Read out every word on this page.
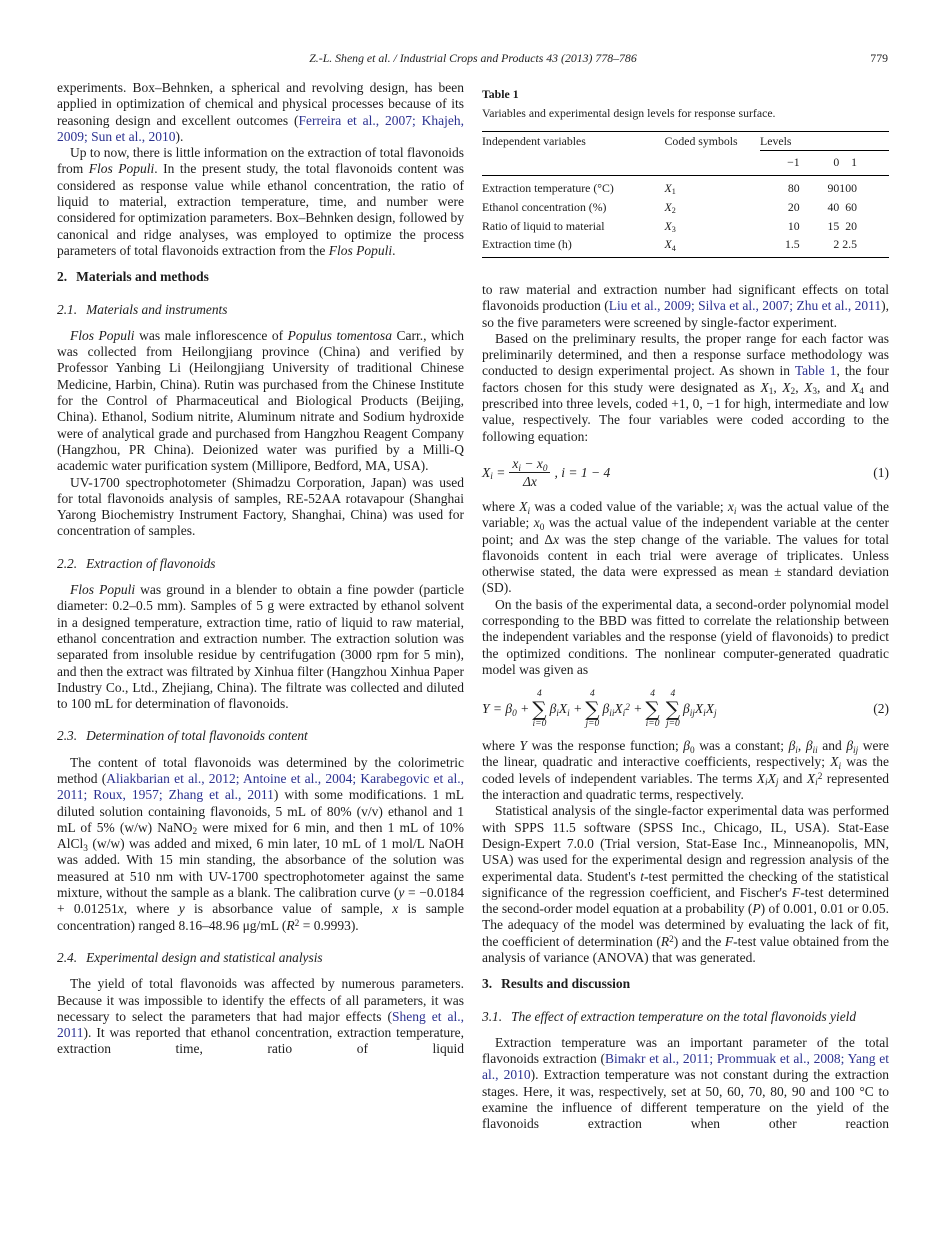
Z.-L. Sheng et al. / Industrial Crops and Products 43 (2013) 778–786	779

experiments. Box–Behnken, a spherical and revolving design, has been applied in optimization of chemical and physical processes because of its reasoning design and excellent outcomes (Ferreira et al., 2007; Khajeh, 2009; Sun et al., 2010).

Up to now, there is little information on the extraction of total flavonoids from Flos Populi. In the present study, the total flavonoids content was considered as response value while ethanol concentration, the ratio of liquid to material, extraction temperature, time, and number were considered for optimization parameters. Box–Behnken design, followed by canonical and ridge analyses, was employed to optimize the process parameters of total flavonoids extraction from the Flos Populi.

2. Materials and methods
2.1. Materials and instruments

Flos Populi was male inflorescence of Populus tomentosa Carr., which was collected from Heilongjiang province (China) and verified by Professor Yanbing Li (Heilongjiang University of traditional Chinese Medicine, Harbin, China). Rutin was purchased from the Chinese Institute for the Control of Pharmaceutical and Biological Products (Beijing, China). Ethanol, Sodium nitrite, Aluminum nitrate and Sodium hydroxide were of analytical grade and purchased from Hangzhou Reagent Company (Hangzhou, PR China). Deionized water was purified by a Milli-Q academic water purification system (Millipore, Bedford, MA, USA).

UV-1700 spectrophotometer (Shimadzu Corporation, Japan) was used for total flavonoids analysis of samples, RE-52AA rotavapour (Shanghai Yarong Biochemistry Instrument Factory, Shanghai, China) was used for concentration of samples.

2.2. Extraction of flavonoids

Flos Populi was ground in a blender to obtain a fine powder (particle diameter: 0.2–0.5 mm). Samples of 5 g were extracted by ethanol solvent in a designed temperature, extraction time, ratio of liquid to raw material, ethanol concentration and extraction number. The extraction solution was separated from insoluble residue by centrifugation (3000 rpm for 5 min), and then the extract was filtrated by Xinhua filter (Hangzhou Xinhua Paper Industry Co., Ltd., Zhejiang, China). The filtrate was collected and diluted to 100 mL for determination of flavonoids.

2.3. Determination of total flavonoids content

The content of total flavonoids was determined by the colorimetric method (Aliakbarian et al., 2012; Antoine et al., 2004; Karabegovic et al., 2011; Roux, 1957; Zhang et al., 2011) with some modifications. 1 mL diluted solution containing flavonoids, 5 mL of 80% (v/v) ethanol and 1 mL of 5% (w/w) NaNO2 were mixed for 6 min, and then 1 mL of 10% AlCl3 (w/w) was added and mixed, 6 min later, 10 mL of 1 mol/L NaOH was added. With 15 min standing, the absorbance of the solution was measured at 510 nm with UV-1700 spectrophotometer against the same mixture, without the sample as a blank. The calibration curve (y = −0.0184 + 0.01251x, where y is absorbance value of sample, x is sample concentration) ranged 8.16–48.96 μg/mL $(R^2 = 0.9993)$.

2.4. Experimental design and statistical analysis

The yield of total flavonoids was affected by numerous parameters. Because it was impossible to identify the effects of all parameters, it was necessary to select the parameters that had major effects (Sheng et al., 2011). It was reported that ethanol concentration, extraction temperature, extraction time, ratio of liquid

Table 1
Variables and experimental design levels for response surface.
Independent variables	Coded symbols	Levels		
		−1	0	1
Extraction temperature (°C)	X1	80	90	100
Ethanol concentration (%)	X2	20	40	60
Ratio of liquid to material	X3	10	15	20
Extraction time (h)	X4	1.5	2	2.5

to raw material and extraction number had significant effects on total flavonoids production (Liu et al., 2009; Silva et al., 2007; Zhu et al., 2011), so the five parameters were screened by single-factor experiment.

Based on the preliminary results, the proper range for each factor was preliminarily determined, and then a response surface methodology was conducted to design experimental project. As shown in Table 1, the four factors chosen for this study were designated as X1, X2, X3, and X4 and prescribed into three levels, coded +1, 0, −1 for high, intermediate and low value, respectively. The four variables were coded according to the following equation:

$Xi = \frac{xi - x0}{\Delta x}$ , i = 1 − 4	(1)

where Xi was a coded value of the variable; xi was the actual value of the variable; x0 was the actual value of the independent variable at the center point; and Δx was the step change of the variable. The values for total flavonoids content in each trial were average of triplicates. Unless otherwise stated, the data were expressed as mean ± standard deviation (SD).

On the basis of the experimental data, a second-order polynomial model corresponding to the BBD was fitted to correlate the relationship between the independent variables and the response (yield of flavonoids) to predict the optimized conditions. The nonlinear computer-generated quadratic model was given as

Y = β0 +
4
∑
i=0
βiXi +
4
∑
j=0
βiiXi$^2$ +
4
∑
i=0
4
∑
j=0
βijXiXj	(2)

where Y was the response function; β0 was a constant; βi, βii and βij were the linear, quadratic and interactive coefficients, respectively; Xi was the coded levels of independent variables. The terms XiXj and Xi$^2$ represented the interaction and quadratic terms, respectively.

Statistical analysis of the single-factor experimental data was performed with SPPS 11.5 software (SPSS Inc., Chicago, IL, USA). Stat-Ease Design-Expert 7.0.0 (Trial version, Stat-Ease Inc., Minneanopolis, MN, USA) was used for the experimental design and regression analysis of the experimental data. Student's t-test permitted the checking of the statistical significance of the regression coefficient, and Fischer's F-test determined the second-order model equation at a probability (P) of 0.001, 0.01 or 0.05. The adequacy of the model was determined by evaluating the lack of fit, the coefficient of determination $(R^2)$ and the F-test value obtained from the analysis of variance (ANOVA) that was generated.

3. Results and discussion
3.1. The effect of extraction temperature on the total flavonoids yield

Extraction temperature was an important parameter of the total flavonoids extraction (Bimakr et al., 2011; Prommuak et al., 2008; Yang et al., 2010). Extraction temperature was not constant during the extraction stages. Here, it was, respectively, set at 50, 60, 70, 80, 90 and 100 °C to examine the influence of different temperature on the yield of the flavonoids extraction when other reaction
